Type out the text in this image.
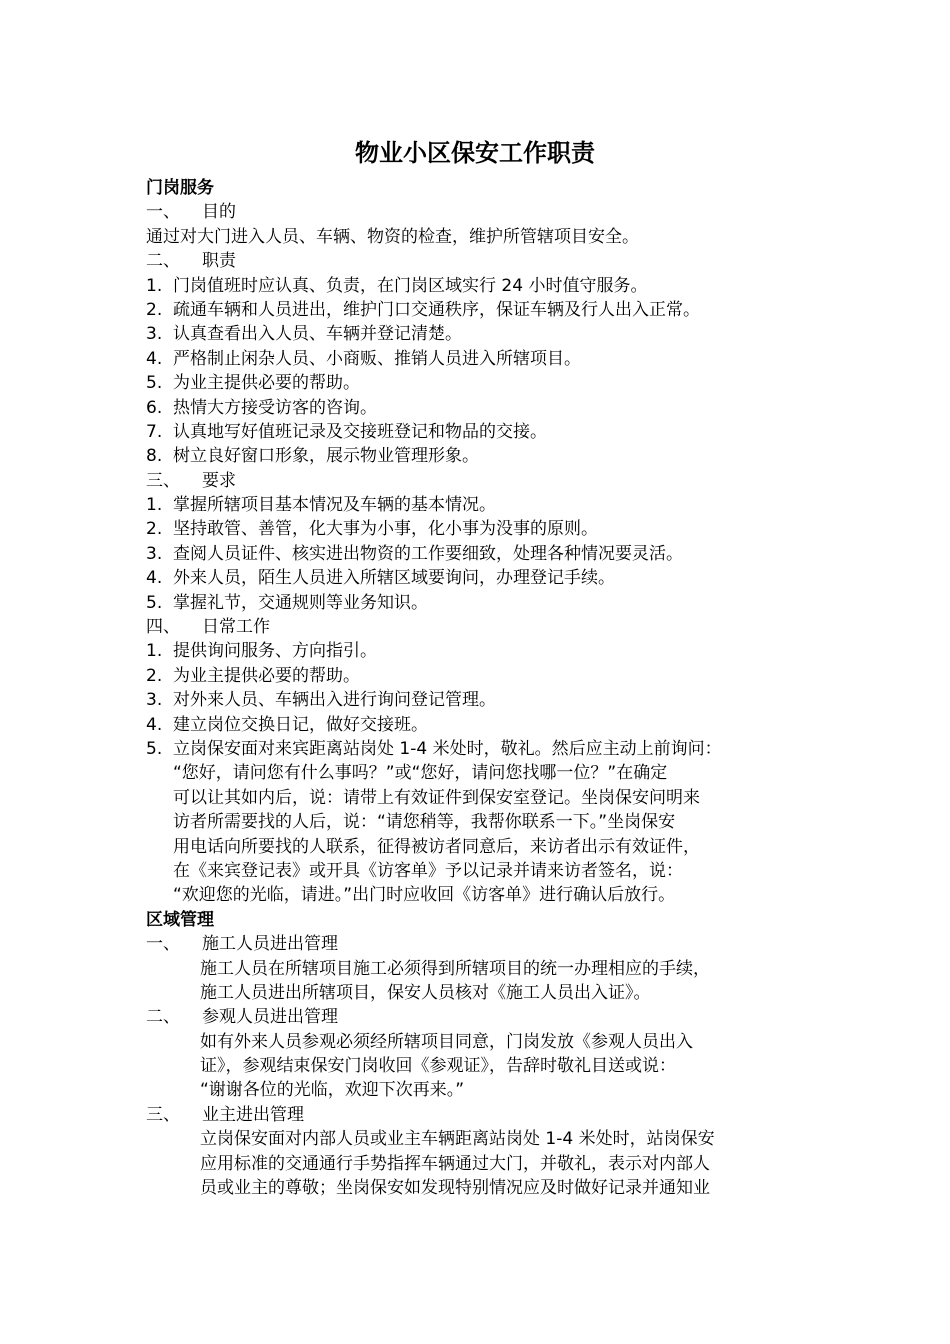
物业小区保安工作职责
门岗服务
一、	目的
通过对大门进入人员、车辆、物资的检查，维护所管辖项目安全。
二、	职责
1. 门岗值班时应认真、负责，在门岗区域实行 24 小时值守服务。
2. 疏通车辆和人员进出，维护门口交通秩序，保证车辆及行人出入正常。
3. 认真查看出入人员、车辆并登记清楚。
4. 严格制止闲杂人员、小商贩、推销人员进入所辖项目。
5. 为业主提供必要的帮助。
6. 热情大方接受访客的咨询。
7. 认真地写好值班记录及交接班登记和物品的交接。
8. 树立良好窗口形象，展示物业管理形象。
三、	要求
1. 掌握所辖项目基本情况及车辆的基本情况。
2. 坚持敢管、善管，化大事为小事，化小事为没事的原则。
3. 查阅人员证件、核实进出物资的工作要细致，处理各种情况要灵活。
4. 外来人员，陌生人员进入所辖区域要询问，办理登记手续。
5. 掌握礼节，交通规则等业务知识。
四、	日常工作
1. 提供询问服务、方向指引。
2. 为业主提供必要的帮助。
3. 对外来人员、车辆出入进行询问登记管理。
4. 建立岗位交换日记，做好交接班。
5. 立岗保安面对来宾距离站岗处 1-4 米处时，敬礼。然后应主动上前询问：
“您好，请问您有什么事吗？”或“您好，请问您找哪一位？”在确定
可以让其如内后，说：请带上有效证件到保安室登记。坐岗保安问明来
访者所需要找的人后，说：“请您稍等，我帮你联系一下。”坐岗保安
用电话向所要找的人联系，征得被访者同意后，来访者出示有效证件，
在《来宾登记表》或开具《访客单》予以记录并请来访者签名，说：
“欢迎您的光临，请进。”出门时应收回《访客单》进行确认后放行。
区域管理
一、	施工人员进出管理
施工人员在所辖项目施工必须得到所辖项目的统一办理相应的手续，
施工人员进出所辖项目，保安人员核对《施工人员出入证》。
二、	参观人员进出管理
如有外来人员参观必须经所辖项目同意，门岗发放《参观人员出入
证》，参观结束保安门岗收回《参观证》，告辞时敬礼目送或说：
“谢谢各位的光临，欢迎下次再来。”
三、	业主进出管理
立岗保安面对内部人员或业主车辆距离站岗处 1-4 米处时，站岗保安
应用标准的交通通行手势指挥车辆通过大门，并敬礼，表示对内部人
员或业主的尊敬；坐岗保安如发现特别情况应及时做好记录并通知业
